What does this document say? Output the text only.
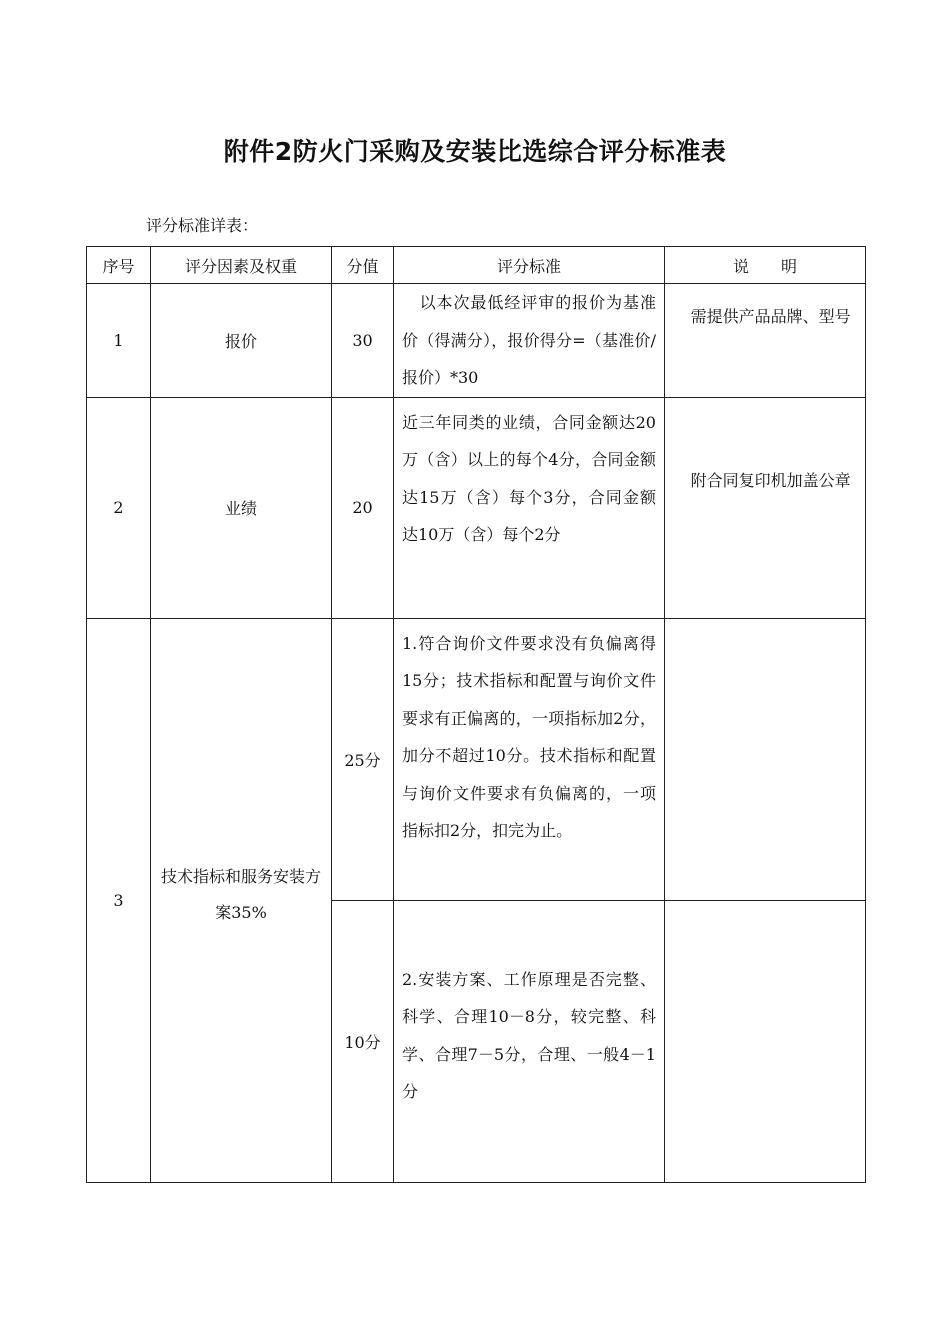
附件2防火门采购及安装比选综合评分标准表
评分标准详表：
序号	评分因素及权重	分值	评分标准	说　　明
1	报价	30	以本次最低经评审的报价为基准价（得满分），报价得分=（基准价/报价）*30	需提供产品品牌、型号
2	业绩	20	近三年同类的业绩，合同金额达20万（含）以上的每个4分，合同金额达15万（含）每个3分，合同金额达10万（含）每个2分	附合同复印机加盖公章
3	技术指标和服务安装方案35%	25分	1.符合询价文件要求没有负偏离得15分；技术指标和配置与询价文件要求有正偏离的，一项指标加2分，加分不超过10分。技术指标和配置与询价文件要求有负偏离的，一项指标扣2分，扣完为止。	
		10分	2.安装方案、工作原理是否完整、科学、合理10－8分，较完整、科学、合理7－5分，合理、一般4－1分	
